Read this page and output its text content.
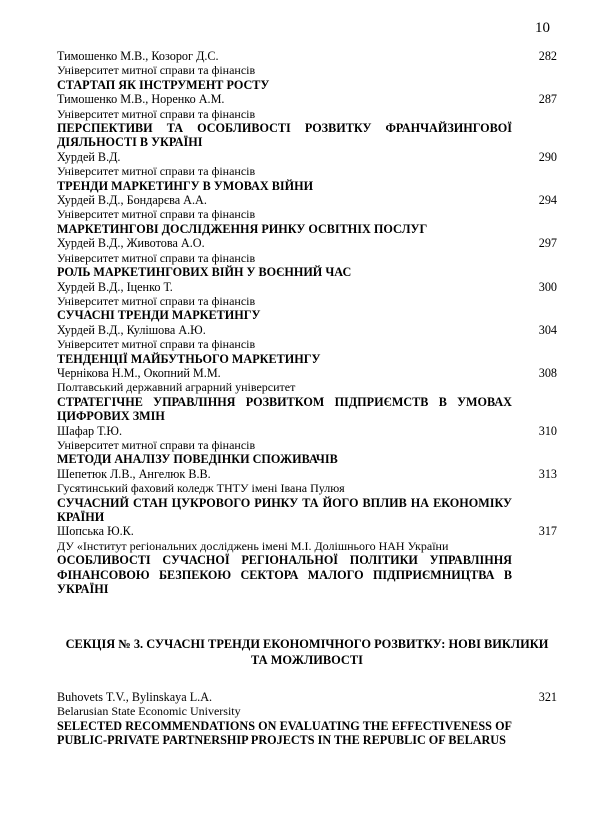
10
Тимошенко М.В., Козорог Д.С.	282
Університет митної справи та фінансів
СТАРТАП ЯК ІНСТРУМЕНТ РОСТУ
Тимошенко М.В., Норенко А.М.	287
Університет митної справи та фінансів
ПЕРСПЕКТИВИ ТА ОСОБЛИВОСТІ РОЗВИТКУ ФРАНЧАЙЗИНГОВОЇ ДІЯЛЬНОСТІ В УКРАЇНІ
Хурдей В.Д.	290
Університет митної справи та фінансів
ТРЕНДИ МАРКЕТИНГУ В УМОВАХ ВІЙНИ
Хурдей В.Д., Бондарєва А.А.	294
Університет митної справи та фінансів
МАРКЕТИНГОВІ ДОСЛІДЖЕННЯ РИНКУ ОСВІТНІХ ПОСЛУГ
Хурдей В.Д., Животова А.О.	297
Університет митної справи та фінансів
РОЛЬ МАРКЕТИНГОВИХ ВІЙН У ВОЄННИЙ ЧАС
Хурдей В.Д., Іценко Т.	300
Університет митної справи та фінансів
СУЧАСНІ ТРЕНДИ МАРКЕТИНГУ
Хурдей В.Д., Кулішова А.Ю.	304
Університет митної справи та фінансів
ТЕНДЕНЦІЇ МАЙБУТНЬОГО МАРКЕТИНГУ
Чернікова Н.М., Окопний М.М.	308
Полтавський державний аграрний університет
СТРАТЕГІЧНЕ УПРАВЛІННЯ РОЗВИТКОМ ПІДПРИЄМСТВ В УМОВАХ ЦИФРОВИХ ЗМІН
Шафар Т.Ю.	310
Університет митної справи та фінансів
МЕТОДИ АНАЛІЗУ ПОВЕДІНКИ СПОЖИВАЧІВ
Шепетюк Л.В., Ангелюк В.В.	313
Гусятинський фаховий коледж ТНТУ імені Івана Пулюя
СУЧАСНИЙ СТАН ЦУКРОВОГО РИНКУ ТА ЙОГО ВПЛИВ НА ЕКОНОМІКУ КРАЇНИ
Шопська Ю.К.	317
ДУ «Інститут регіональних досліджень імені М.І. Долішнього НАН України
ОСОБЛИВОСТІ СУЧАСНОЇ РЕГІОНАЛЬНОЇ ПОЛІТИКИ УПРАВЛІННЯ ФІНАНСОВОЮ БЕЗПЕКОЮ СЕКТОРА МАЛОГО ПІДПРИЄМНИЦТВА В УКРАЇНІ
СЕКЦІЯ № 3. СУЧАСНІ ТРЕНДИ ЕКОНОМІЧНОГО РОЗВИТКУ: НОВІ ВИКЛИКИ
ТА МОЖЛИВОСТІ
Buhovets T.V., Bylinskaya L.A.	321
Belarusian State Economic University
SELECTED RECOMMENDATIONS ON EVALUATING THE EFFECTIVENESS OF PUBLIC-PRIVATE PARTNERSHIP PROJECTS IN THE REPUBLIC OF BELARUS
